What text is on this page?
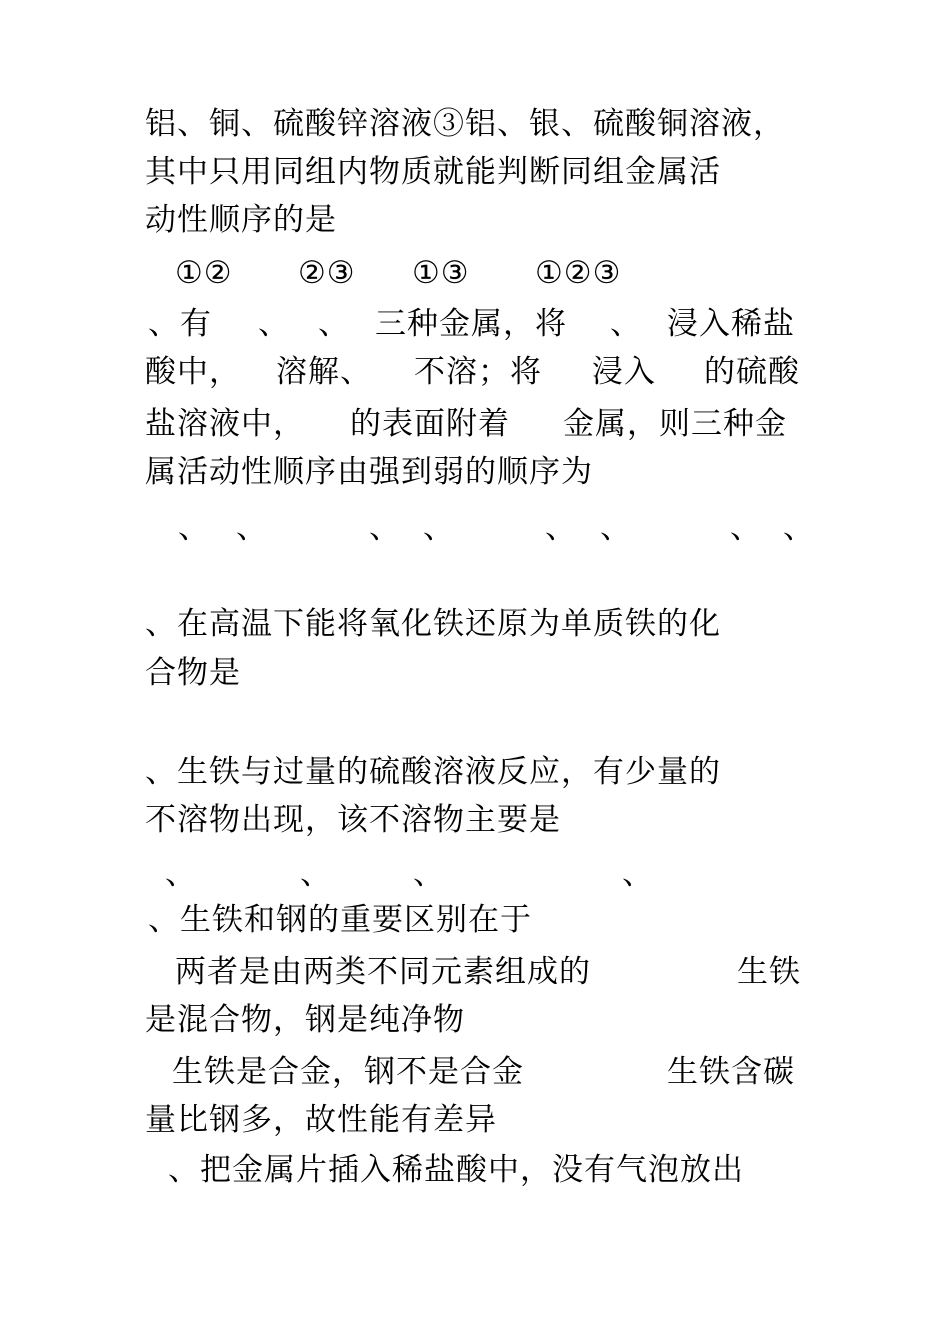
铝、铜、硫酸锌溶液③铝、银、硫酸铜溶液，
其中只用同组内物质就能判断同组金属活
动性顺序的是
①② ②③ ①③ ①②③
、有 、 、 三种金属，将 、 浸入稀盐
酸中， 溶解、 不溶；将 浸入 的硫酸
盐溶液中， 的表面附着 金属，则三种金
属活动性顺序由强到弱的顺序为
、 、	、 、	、 、	、 、
、在高温下能将氧化铁还原为单质铁的化
合物是
、生铁与过量的硫酸溶液反应，有少量的
不溶物出现，该不溶物主要是
、	、	、	、
、生铁和钢的重要区别在于
两者是由两类不同元素组成的	生铁
是混合物，钢是纯净物
生铁是合金，钢不是合金	生铁含碳
量比钢多，故性能有差异
、把金属片插入稀盐酸中，没有气泡放出
